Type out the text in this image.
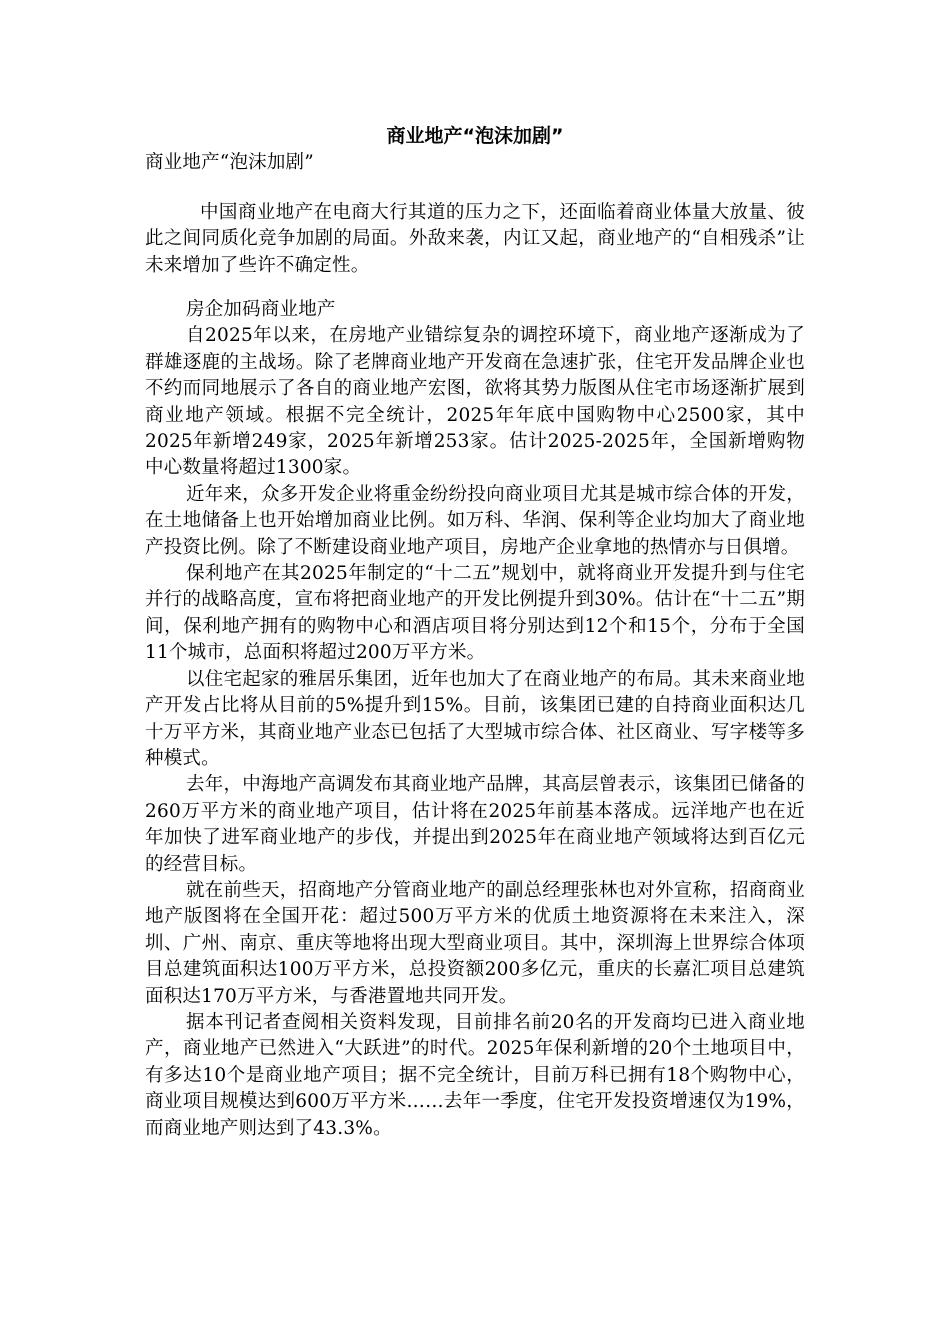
商业地产“泡沫加剧”
商业地产“泡沫加剧”
中国商业地产在电商大行其道的压力之下，还面临着商业体量大放量、彼此之间同质化竞争加剧的局面。外敌来袭，内讧又起，商业地产的“自相残杀”让未来增加了些许不确定性。

房企加码商业地产

自2025年以来，在房地产业错综复杂的调控环境下，商业地产逐渐成为了群雄逐鹿的主战场。除了老牌商业地产开发商在急速扩张，住宅开发品牌企业也不约而同地展示了各自的商业地产宏图，欲将其势力版图从住宅市场逐渐扩展到商业地产领域。根据不完全统计，2025年年底中国购物中心2500家，其中2025年新增249家，2025年新增253家。估计2025-2025年，全国新增购物中心数量将超过1300家。

近年来，众多开发企业将重金纷纷投向商业项目尤其是城市综合体的开发，在土地储备上也开始增加商业比例。如万科、华润、保利等企业均加大了商业地产投资比例。除了不断建设商业地产项目，房地产企业拿地的热情亦与日俱增。

保利地产在其2025年制定的“十二五”规划中，就将商业开发提升到与住宅并行的战略高度，宣布将把商业地产的开发比例提升到30%。估计在“十二五”期间，保利地产拥有的购物中心和酒店项目将分别达到12个和15个，分布于全国11个城市，总面积将超过200万平方米。

以住宅起家的雅居乐集团，近年也加大了在商业地产的布局。其未来商业地产开发占比将从目前的5%提升到15%。目前，该集团已建的自持商业面积达几十万平方米，其商业地产业态已包括了大型城市综合体、社区商业、写字楼等多种模式。

去年，中海地产高调发布其商业地产品牌，其高层曾表示，该集团已储备的260万平方米的商业地产项目，估计将在2025年前基本落成。远洋地产也在近年加快了进军商业地产的步伐，并提出到2025年在商业地产领域将达到百亿元的经营目标。

就在前些天，招商地产分管商业地产的副总经理张林也对外宣称，招商商业地产版图将在全国开花：超过500万平方米的优质土地资源将在未来注入，深圳、广州、南京、重庆等地将出现大型商业项目。其中，深圳海上世界综合体项目总建筑面积达100万平方米，总投资额200多亿元，重庆的长嘉汇项目总建筑面积达170万平方米，与香港置地共同开发。

据本刊记者查阅相关资料发现，目前排名前20名的开发商均已进入商业地产，商业地产已然进入“大跃进”的时代。2025年保利新增的20个土地项目中，有多达10个是商业地产项目；据不完全统计，目前万科已拥有18个购物中心，商业项目规模达到600万平方米……去年一季度，住宅开发投资增速仅为19%，而商业地产则达到了43.3%。
